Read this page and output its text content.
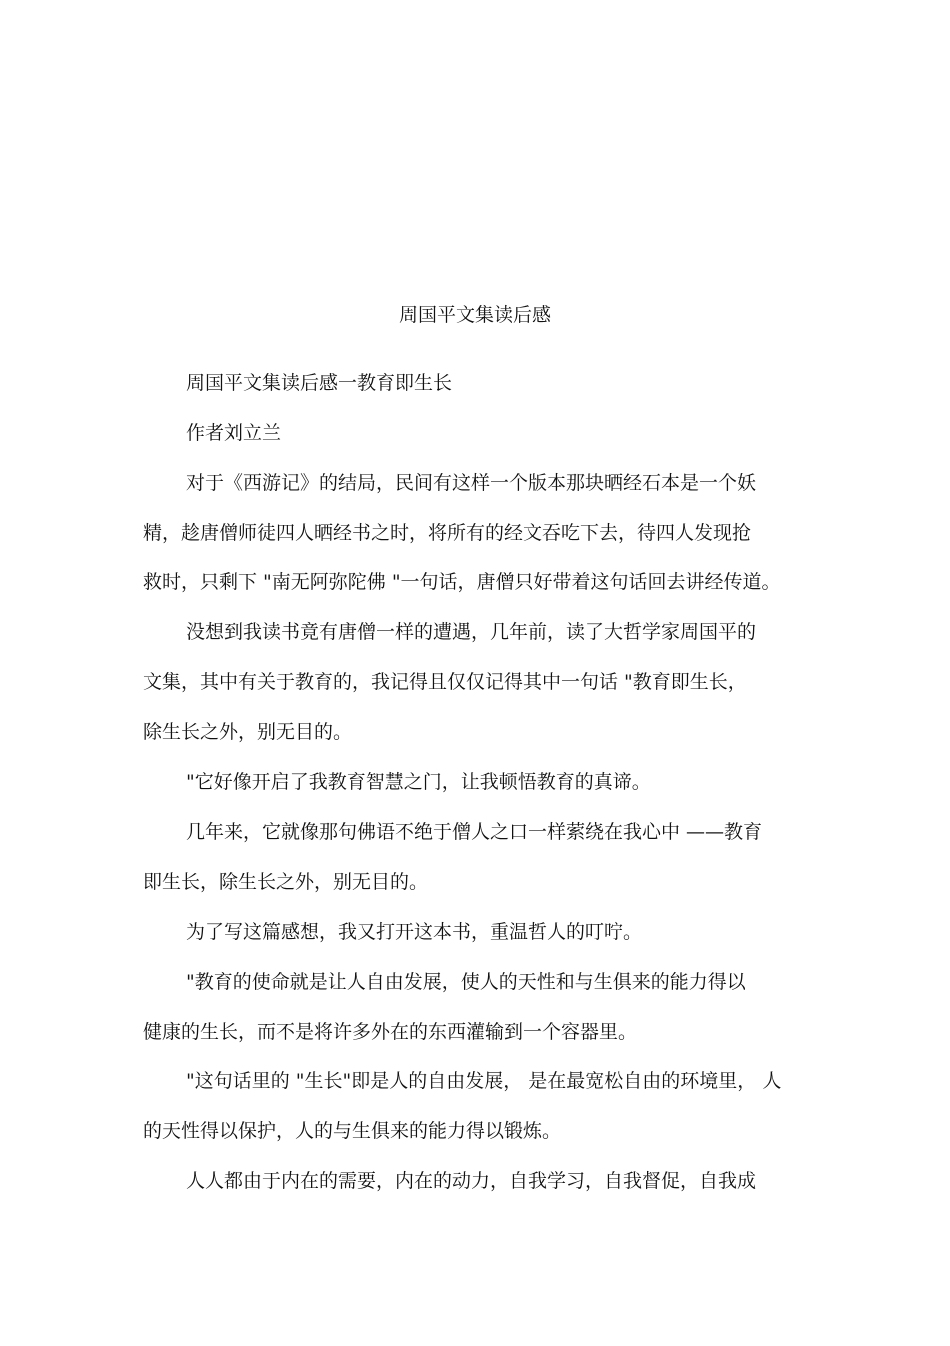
周国平文集读后感
周国平文集读后感一教育即生长
作者刘立兰
对于《西游记》的结局，民间有这样一个版本那块晒经石本是一个妖
精，趁唐僧师徒四人晒经书之时，将所有的经文吞吃下去，待四人发现抢
救时，只剩下 "南无阿弥陀佛 "一句话，唐僧只好带着这句话回去讲经传道。
没想到我读书竟有唐僧一样的遭遇，几年前，读了大哲学家周国平的
文集，其中有关于教育的，我记得且仅仅记得其中一句话 "教育即生长，
除生长之外，别无目的。
"它好像开启了我教育智慧之门，让我顿悟教育的真谛。
几年来，它就像那句佛语不绝于僧人之口一样萦绕在我心中 ——教育
即生长，除生长之外，别无目的。
为了写这篇感想，我又打开这本书，重温哲人的叮咛。
"教育的使命就是让人自由发展，使人的天性和与生俱来的能力得以
健康的生长，而不是将许多外在的东西灌输到一个容器里。
"这句话里的 "生长"即是人的自由发展， 是在最宽松自由的环境里， 人
的天性得以保护，人的与生俱来的能力得以锻炼。
人人都由于内在的需要，内在的动力，自我学习，自我督促，自我成
